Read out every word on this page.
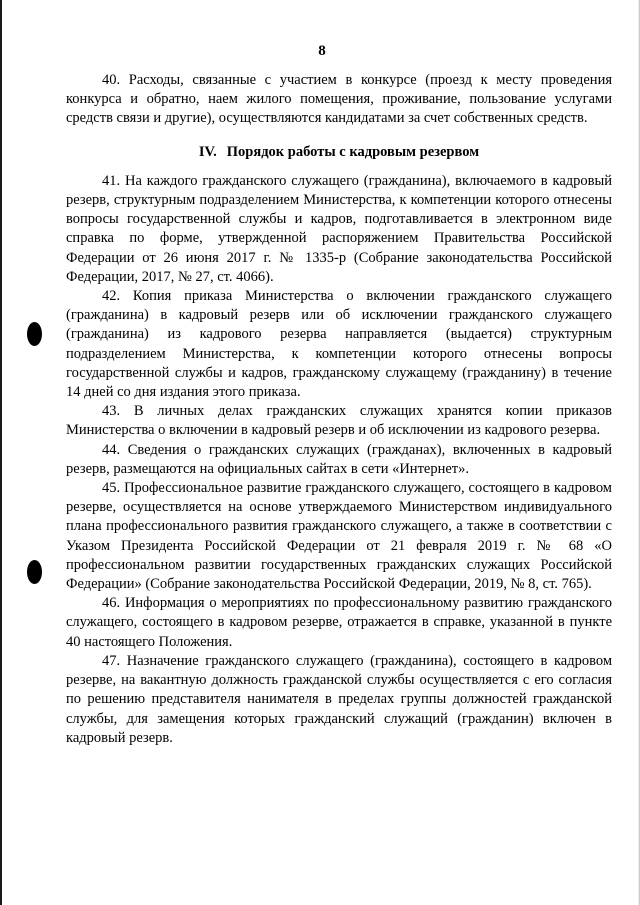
8

40. Расходы, связанные с участием в конкурсе (проезд к месту проведения конкурса и обратно, наем жилого помещения, проживание, пользование услугами средств связи и другие), осуществляются кандидатами за счет собственных средств.

IV. Порядок работы с кадровым резервом

41. На каждого гражданского служащего (гражданина), включаемого в кадровый резерв, структурным подразделением Министерства, к компетенции которого отнесены вопросы государственной службы и кадров, подготавливается в электронном виде справка по форме, утвержденной распоряжением Правительства Российской Федерации от 26 июня 2017 г. № 1335-р (Собрание законодательства Российской Федерации, 2017, № 27, ст. 4066).

42. Копия приказа Министерства о включении гражданского служащего (гражданина) в кадровый резерв или об исключении гражданского служащего (гражданина) из кадрового резерва направляется (выдается) структурным подразделением Министерства, к компетенции которого отнесены вопросы государственной службы и кадров, гражданскому служащему (гражданину) в течение 14 дней со дня издания этого приказа.

43. В личных делах гражданских служащих хранятся копии приказов Министерства о включении в кадровый резерв и об исключении из кадрового резерва.

44. Сведения о гражданских служащих (гражданах), включенных в кадровый резерв, размещаются на официальных сайтах в сети «Интернет».

45. Профессиональное развитие гражданского служащего, состоящего в кадровом резерве, осуществляется на основе утверждаемого Министерством индивидуального плана профессионального развития гражданского служащего, а также в соответствии с Указом Президента Российской Федерации от 21 февраля 2019 г. № 68 «О профессиональном развитии государственных гражданских служащих Российской Федерации» (Собрание законодательства Российской Федерации, 2019, № 8, ст. 765).

46. Информация о мероприятиях по профессиональному развитию гражданского служащего, состоящего в кадровом резерве, отражается в справке, указанной в пункте 40 настоящего Положения.

47. Назначение гражданского служащего (гражданина), состоящего в кадровом резерве, на вакантную должность гражданской службы осуществляется с его согласия по решению представителя нанимателя в пределах группы должностей гражданской службы, для замещения которых гражданский служащий (гражданин) включен в кадровый резерв.
